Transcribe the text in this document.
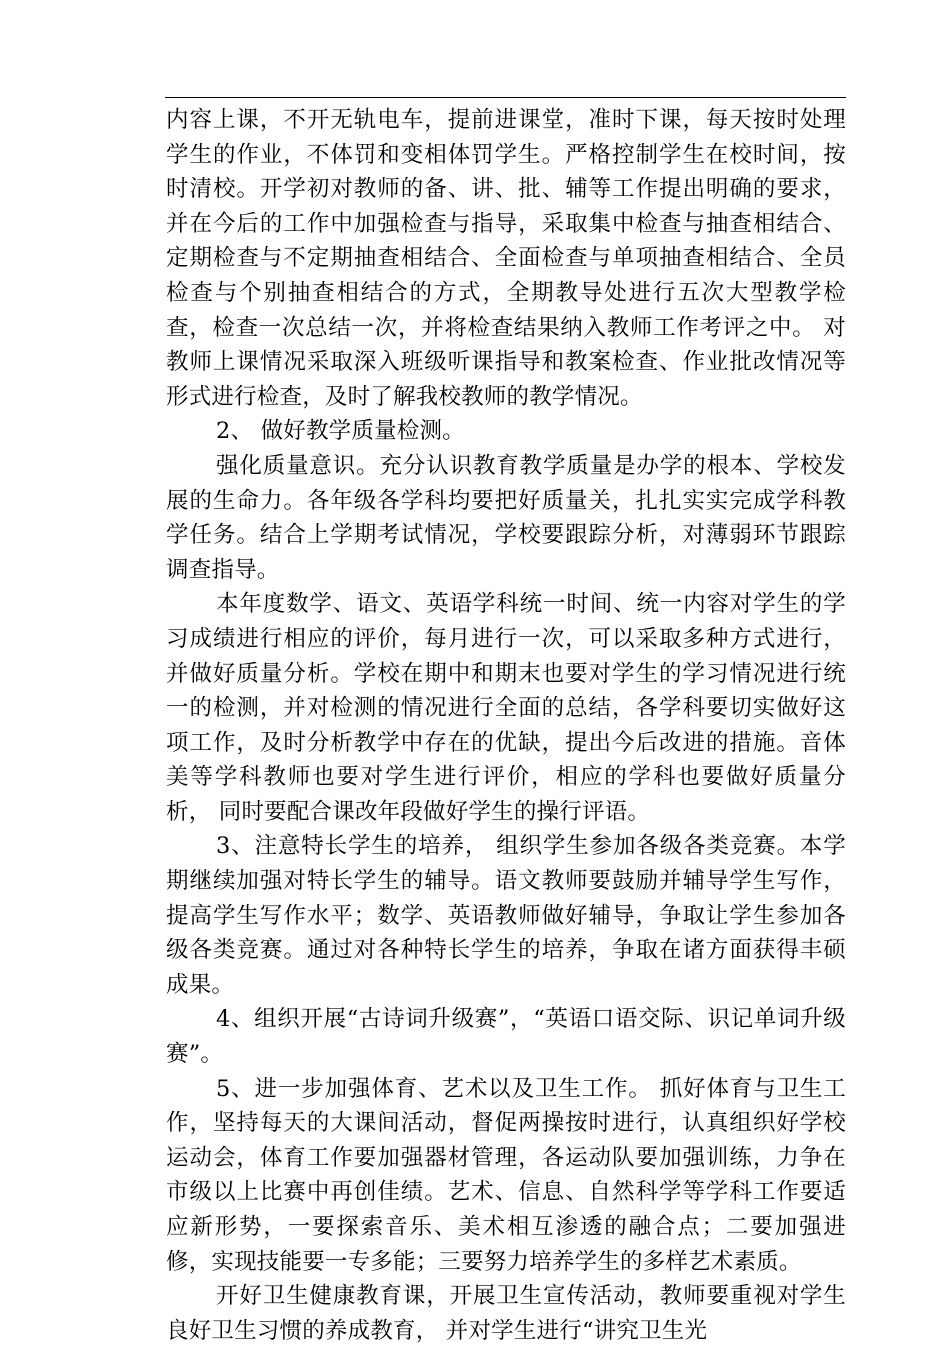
内容上课，不开无轨电车，提前进课堂，准时下课，每天按时处理学生的作业，不体罚和变相体罚学生。严格控制学生在校时间，按时清校。开学初对教师的备、讲、批、辅等工作提出明确的要求，并在今后的工作中加强检查与指导，采取集中检查与抽查相结合、定期检查与不定期抽查相结合、全面检查与单项抽查相结合、全员检查与个别抽查相结合的方式，全期教导处进行五次大型教学检查，检查一次总结一次，并将检查结果纳入教师工作考评之中。 对教师上课情况采取深入班级听课指导和教案检查、作业批改情况等形式进行检查，及时了解我校教师的教学情况。

2、 做好教学质量检测。

强化质量意识。充分认识教育教学质量是办学的根本、学校发展的生命力。各年级各学科均要把好质量关，扎扎实实完成学科教学任务。结合上学期考试情况，学校要跟踪分析，对薄弱环节跟踪调查指导。

本年度数学、语文、英语学科统一时间、统一内容对学生的学习成绩进行相应的评价，每月进行一次，可以采取多种方式进行，并做好质量分析。学校在期中和期末也要对学生的学习情况进行统一的检测，并对检测的情况进行全面的总结，各学科要切实做好这项工作，及时分析教学中存在的优缺，提出今后改进的措施。音体美等学科教师也要对学生进行评价，相应的学科也要做好质量分析， 同时要配合课改年段做好学生的操行评语。

3、注意特长学生的培养， 组织学生参加各级各类竞赛。本学期继续加强对特长学生的辅导。语文教师要鼓励并辅导学生写作，提高学生写作水平；数学、英语教师做好辅导，争取让学生参加各级各类竞赛。通过对各种特长学生的培养，争取在诸方面获得丰硕成果。

4、组织开展“古诗词升级赛”，“英语口语交际、识记单词升级赛”。

5、进一步加强体育、艺术以及卫生工作。 抓好体育与卫生工作，坚持每天的大课间活动，督促两操按时进行，认真组织好学校运动会，体育工作要加强器材管理，各运动队要加强训练，力争在市级以上比赛中再创佳绩。艺术、信息、自然科学等学科工作要适应新形势，一要探索音乐、美术相互渗透的融合点；二要加强进修，实现技能要一专多能；三要努力培养学生的多样艺术素质。

开好卫生健康教育课，开展卫生宣传活动，教师要重视对学生良好卫生习惯的养成教育， 并对学生进行“讲究卫生光
